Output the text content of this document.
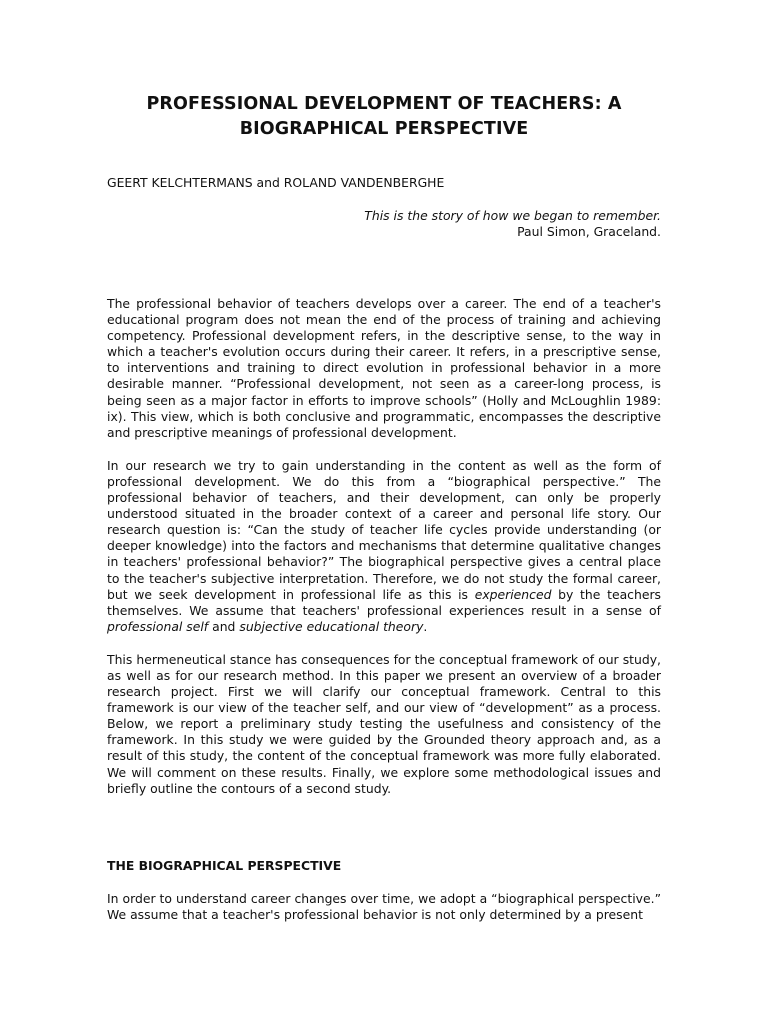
PROFESSIONAL DEVELOPMENT OF TEACHERS: A
BIOGRAPHICAL PERSPECTIVE
GEERT KELCHTERMANS and ROLAND VANDENBERGHE
This is the story of how we began to remember.
Paul Simon, Graceland.

The professional behavior of teachers develops over a career. The end of a teacher's educational program does not mean the end of the process of training and achieving competency. Professional development refers, in the descriptive sense, to the way in which a teacher's evolution occurs during their career. It refers, in a prescriptive sense, to interventions and training to direct evolution in professional behavior in a more desirable manner. “Professional development, not seen as a career-long process, is being seen as a major factor in efforts to improve schools” (Holly and McLoughlin 1989: ix). This view, which is both conclusive and programmatic, encompasses the descriptive and prescriptive meanings of professional development.

In our research we try to gain understanding in the content as well as the form of professional development. We do this from a “biographical perspective.” The professional behavior of teachers, and their development, can only be properly understood situated in the broader context of a career and personal life story. Our research question is: “Can the study of teacher life cycles provide understanding (or deeper knowledge) into the factors and mechanisms that determine qualitative changes in teachers' professional behavior?” The biographical perspective gives a central place to the teacher's subjective interpretation. Therefore, we do not study the formal career, but we seek development in professional life as this is experienced by the teachers themselves. We assume that teachers' professional experiences result in a sense of professional self and subjective educational theory.

This hermeneutical stance has consequences for the conceptual framework of our study, as well as for our research method. In this paper we present an overview of a broader research project. First we will clarify our conceptual framework. Central to this framework is our view of the teacher self, and our view of “development” as a process. Below, we report a preliminary study testing the usefulness and consistency of the framework. In this study we were guided by the Grounded theory approach and, as a result of this study, the content of the conceptual framework was more fully elaborated. We will comment on these results. Finally, we explore some methodological issues and briefly outline the contours of a second study.

THE BIOGRAPHICAL PERSPECTIVE

In order to understand career changes over time, we adopt a “biographical perspective.” We assume that a teacher's professional behavior is not only determined by a present
